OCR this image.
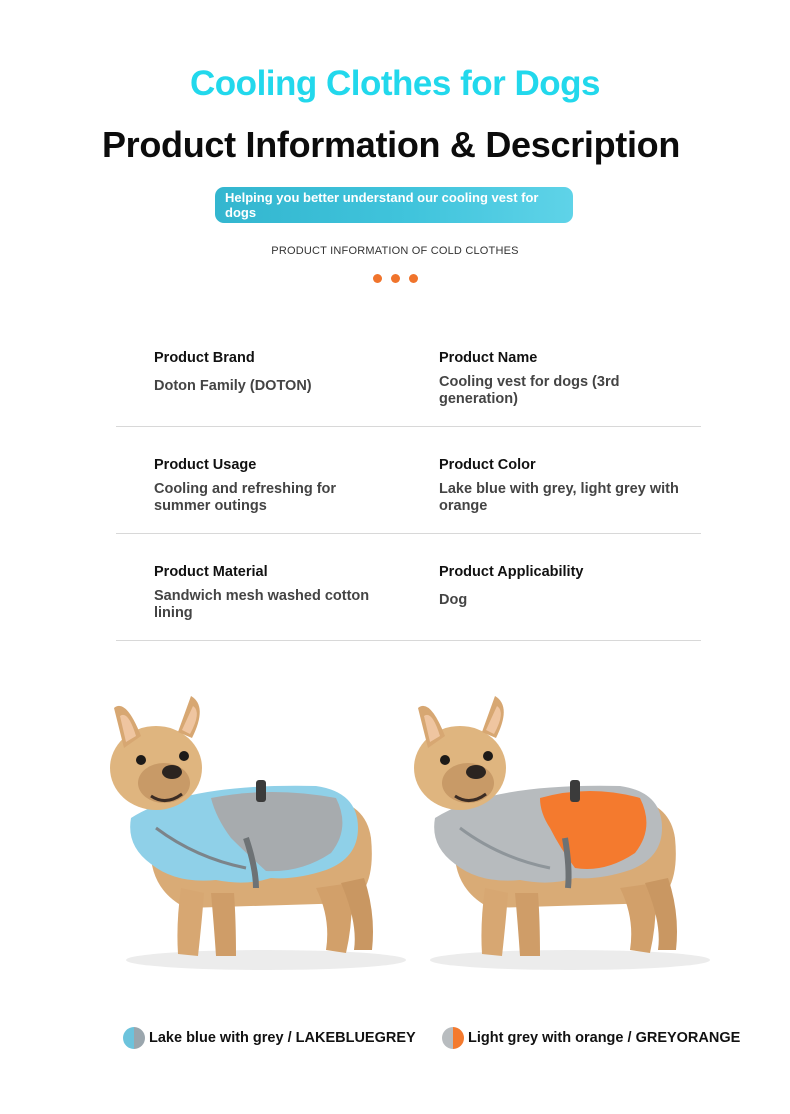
Cooling Clothes for Dogs
Product Information & Description
Helping you better understand our cooling vest for dogs
PRODUCT INFORMATION OF COLD CLOTHES
Product Brand
Doton Family (DOTON)
Product Name
Cooling vest for dogs (3rd generation)
Product Usage
Cooling and refreshing for summer outings
Product Color
Lake blue with grey, light grey with orange
Product Material
Sandwich mesh washed cotton lining
Product Applicability
Dog
Lake blue with grey / LAKEBLUEGREY	Light grey with orange / GREYORANGE
